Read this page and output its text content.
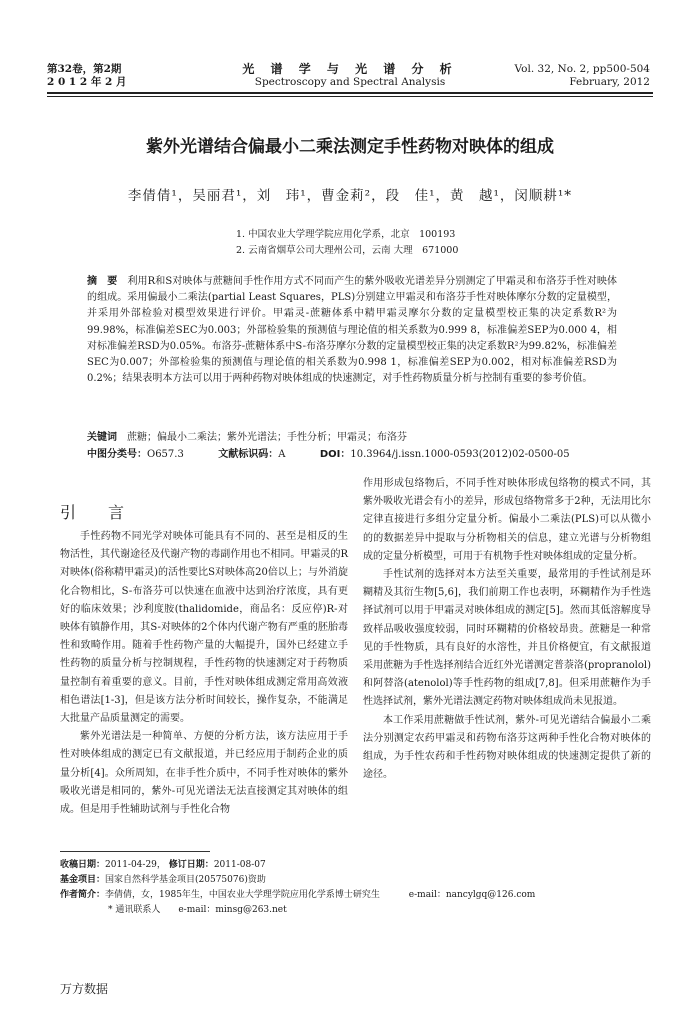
第32卷，第2期
2 0 1 2 年 2 月
光 谱 学 与 光 谱 分 析
Spectroscopy and Spectral Analysis
Vol. 32, No. 2, pp500-504
February, 2012
紫外光谱结合偏最小二乘法测定手性药物对映体的组成
李倩倩¹，吴丽君¹，刘　玮¹，曹金莉²，段　佳¹，黄　越¹，闵顺耕¹*
1. 中国农业大学理学院应用化学系，北京　100193
2. 云南省烟草公司大理州公司，云南 大理　671000
摘　要　 利用R和S对映体与蔗糖间手性作用方式不同而产生的紫外吸收光谱差异分别测定了甲霜灵和布洛芬手性对映体的组成。采用偏最小二乘法(partial Least Squares，PLS)分别建立甲霜灵和布洛芬手性对映体摩尔分数的定量模型，并采用外部检验对模型效果进行评价。甲霜灵-蔗糖体系中精甲霜灵摩尔分数的定量模型校正集的决定系数R²为99.98%，标准偏差SEC为0.003；外部检验集的预测值与理论值的相关系数为0.999 8，标准偏差SEP为0.000 4，相对标准偏差RSD为0.05%。布洛芬-蔗糖体系中S-布洛芬摩尔分数的定量模型校正集的决定系数R²为99.82%，标准偏差SEC为0.007；外部检验集的预测值与理论值的相关系数为0.998 1，标准偏差SEP为0.002，相对标准偏差RSD为0.2%；结果表明本方法可以用于两种药物对映体组成的快速测定，对手性药物质量分析与控制有重要的参考价值。
关键词　 蔗糖；偏最小二乘法；紫外光谱法；手性分析；甲霜灵；布洛芬
中图分类号：O657.3	文献标识码：A	DOI：10.3964/j.issn.1000-0593(2012)02-0500-05
引　言

手性药物不同光学对映体可能具有不同的、甚至是相反的生物活性，其代谢途径及代谢产物的毒副作用也不相同。甲霜灵的R对映体(俗称精甲霜灵)的活性要比S对映体高20倍以上；与外消旋化合物相比，S-布洛芬可以快速在血液中达到治疗浓度，具有更好的临床效果；沙利度胺(thalidomide，商品名：反应停)R-对映体有镇静作用，其S-对映体的2个体内代谢产物有严重的胚胎毒性和致畸作用。随着手性药物产量的大幅提升，国外已经建立手性药物的质量分析与控制规程，手性药物的快速测定对于药物质量控制有着重要的意义。目前，手性对映体组成测定常用高效液相色谱法[1-3]，但是该方法分析时间较长，操作复杂，不能满足大批量产品质量测定的需要。

紫外光谱法是一种简单、方便的分析方法，该方法应用于手性对映体组成的测定已有文献报道，并已经应用于制药企业的质量分析[4]。众所周知，在非手性介质中，不同手性对映体的紫外吸收光谱是相同的，紫外-可见光谱法无法直接测定其对映体的组成。但是用手性辅助试剂与手性化合物

作用形成包络物后，不同手性对映体形成包络物的模式不同，其紫外吸收光谱会有小的差异，形成包络物常多于2种，无法用比尔定律直接进行多组分定量分析。偏最小二乘法(PLS)可以从微小的的数据差异中提取与分析物相关的信息，建立光谱与分析物组成的定量分析模型，可用于有机物手性对映体组成的定量分析。

手性试剂的选择对本方法至关重要，最常用的手性试剂是环糊精及其衍生物[5,6]，我们前期工作也表明，环糊精作为手性选择试剂可以用于甲霜灵对映体组成的测定[5]。然而其低溶解度导致样品吸收强度较弱，同时环糊精的价格较昂贵。蔗糖是一种常见的手性物质，具有良好的水溶性，并且价格便宜，有文献报道采用蔗糖为手性选择剂结合近红外光谱测定普萘洛(propranolol)和阿替洛(atenolol)等手性药物的组成[7,8]。但采用蔗糖作为手性选择试剂，紫外光谱法测定药物对映体组成尚未见报道。

本工作采用蔗糖做手性试剂，紫外-可见光谱结合偏最小二乘法分别测定农药甲霜灵和药物布洛芬这两种手性化合物对映体的组成，为手性农药和手性药物对映体组成的快速测定提供了新的途径。

收稿日期：2011-04-29， 修订日期：2011-08-07
基金项目：国家自然科学基金项目(20575076)资助
作者简介：李倩倩，女，1985年生，中国农业大学理学院应用化学系博士研究生	e-mail：nancylgq@126.com
* 通讯联系人　　e-mail：minsg@263.net
万方数据
